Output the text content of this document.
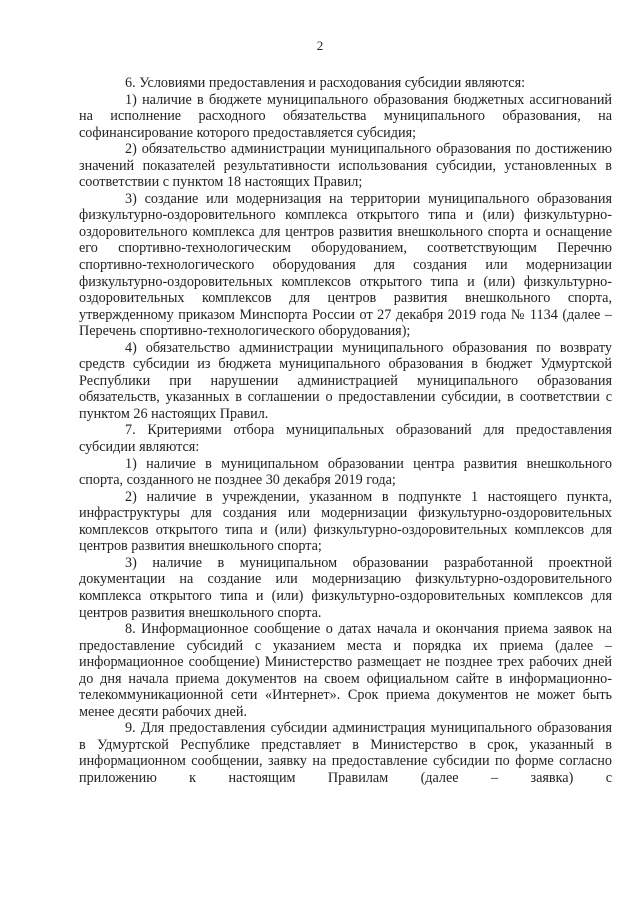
2

6. Условиями предоставления и расходования субсидии являются:

1) наличие в бюджете муниципального образования бюджетных ассигнований на исполнение расходного обязательства муниципального образования, на софинансирование которого предоставляется субсидия;

2) обязательство администрации муниципального образования по достижению значений показателей результативности использования субсидии, установленных в соответствии с пунктом 18 настоящих Правил;

3) создание или модернизация на территории муниципального образования физкультурно-оздоровительного комплекса открытого типа и (или) физкультурно-оздоровительного комплекса для центров развития внешкольного спорта и оснащение его спортивно-технологическим оборудованием, соответствующим Перечню спортивно-технологического оборудования для создания или модернизации физкультурно-оздоровительных комплексов открытого типа и (или) физкультурно-оздоровительных комплексов для центров развития внешкольного спорта, утвержденному приказом Минспорта России от 27 декабря 2019 года № 1134 (далее – Перечень спортивно-технологического оборудования);

4) обязательство администрации муниципального образования по возврату средств субсидии из бюджета муниципального образования в бюджет Удмуртской Республики при нарушении администрацией муниципального образования обязательств, указанных в соглашении о предоставлении субсидии, в соответствии с пунктом 26 настоящих Правил.

7. Критериями отбора муниципальных образований для предоставления субсидии являются:

1) наличие в муниципальном образовании центра развития внешкольного спорта, созданного не позднее 30 декабря 2019 года;

2) наличие в учреждении, указанном в подпункте 1 настоящего пункта, инфраструктуры для создания или модернизации физкультурно-оздоровительных комплексов открытого типа и (или) физкультурно-оздоровительных комплексов для центров развития внешкольного спорта;

3) наличие в муниципальном образовании разработанной проектной документации на создание или модернизацию физкультурно-оздоровительного комплекса открытого типа и (или) физкультурно-оздоровительных комплексов для центров развития внешкольного спорта.

8. Информационное сообщение о датах начала и окончания приема заявок на предоставление субсидий с указанием места и порядка их приема (далее – информационное сообщение) Министерство размещает не позднее трех рабочих дней до дня начала приема документов на своем официальном сайте в информационно-телекоммуникационной сети «Интернет». Срок приема документов не может быть менее десяти рабочих дней.

9. Для предоставления субсидии администрация муниципального образования в Удмуртской Республике представляет в Министерство в срок, указанный в информационном сообщении, заявку на предоставление субсидии по форме согласно приложению к настоящим Правилам (далее – заявка) с
